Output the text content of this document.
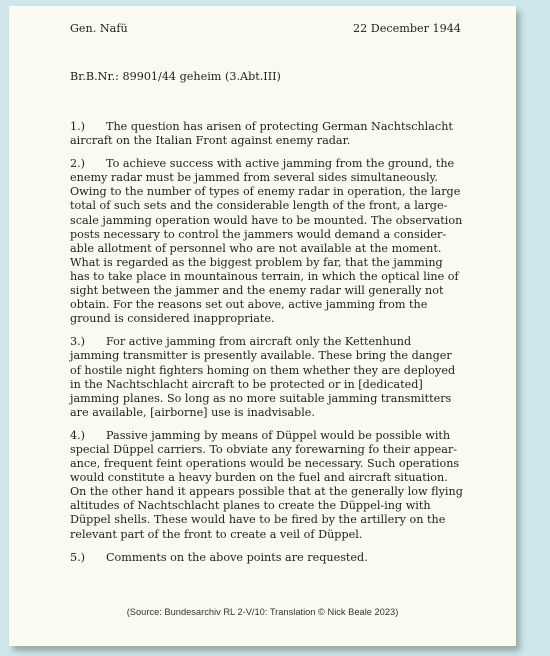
Gen. Nafü	22 December 1944
Br.B.Nr.: 89901/44 geheim (3.Abt.III)
1.) The question has arisen of protecting German Nachtschlacht
aircraft on the Italian Front against enemy radar.
2.) To achieve success with active jamming from the ground, the
enemy radar must be jammed from several sides simultaneously.
Owing to the number of types of enemy radar in operation, the large
total of such sets and the considerable length of the front, a large-
scale jamming operation would have to be mounted. The observation
posts necessary to control the jammers would demand a consider-
able allotment of personnel who are not available at the moment.
What is regarded as the biggest problem by far, that the jamming
has to take place in mountainous terrain, in which the optical line of
sight between the jammer and the enemy radar will generally not
obtain. For the reasons set out above, active jamming from the
ground is considered inappropriate.
3.) For active jamming from aircraft only the Kettenhund
jamming transmitter is presently available. These bring the danger
of hostile night fighters homing on them whether they are deployed
in the Nachtschlacht aircraft to be protected or in [dedicated]
jamming planes. So long as no more suitable jamming transmitters
are available, [airborne] use is inadvisable.
4.) Passive jamming by means of Düppel would be possible with
special Düppel carriers. To obviate any forewarning fo their appear-
ance, frequent feint operations would be necessary. Such operations
would constitute a heavy burden on the fuel and aircraft situation.
On the other hand it appears possible that at the generally low flying
altitudes of Nachtschlacht planes to create the Düppel-ing with
Düppel shells. These would have to be fired by the artillery on the
relevant part of the front to create a veil of Düppel.
5.) Comments on the above points are requested.
(Source: Bundesarchiv RL 2-V/10: Translation © Nick Beale 2023)
